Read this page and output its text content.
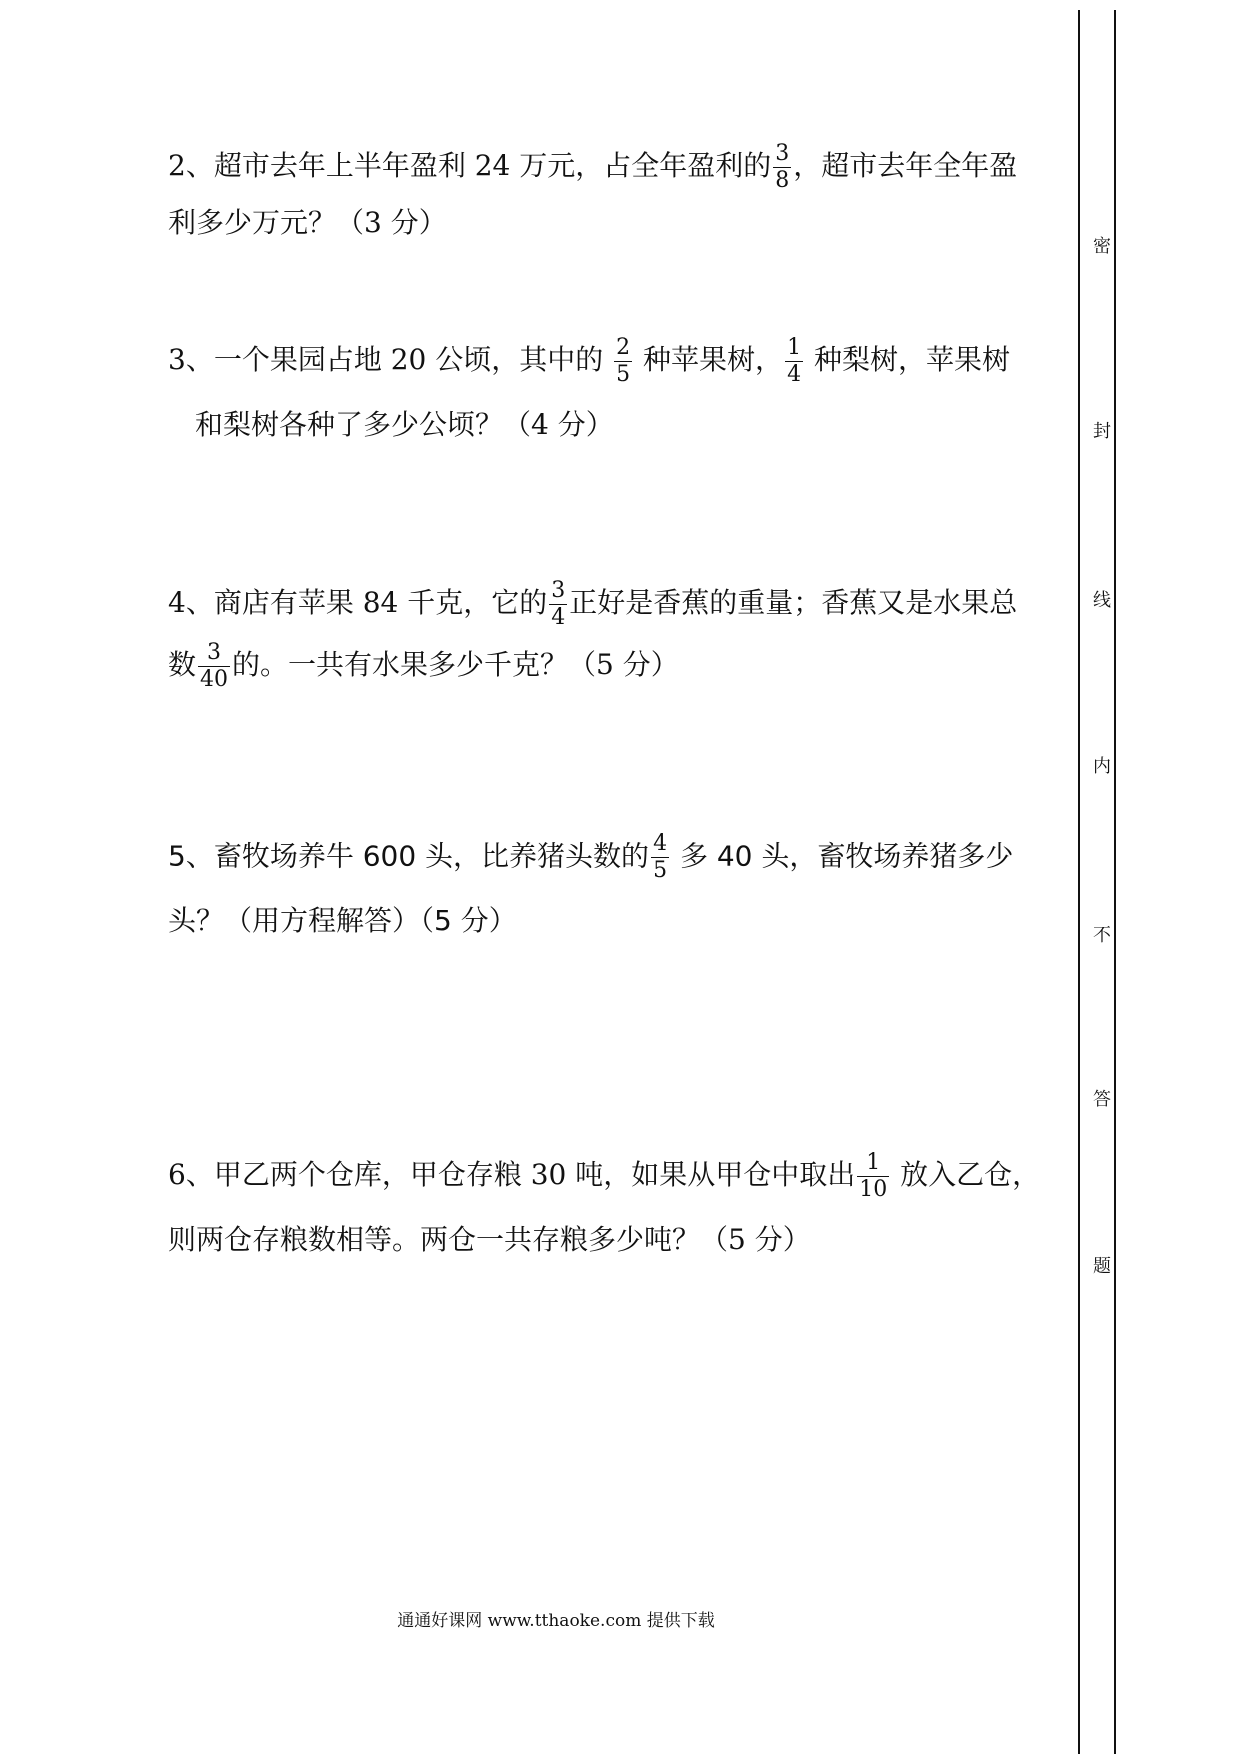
2、超市去年上半年盈利 24 万元，占全年盈利的 $\frac{3}{8}$ ，超市去年全年盈
利多少万元？（3 分）
3、一个果园占地 20 公顷，其中的 $\frac{2}{5}$ 种苹果树， $\frac{1}{4}$ 种梨树，苹果树
和梨树各种了多少公顷？（4 分）
4、商店有苹果 84 千克，它的 $\frac{3}{4}$ 正好是香蕉的重量；香蕉又是水果总
数 $\frac{3}{40}$ 的。一共有水果多少千克？（5 分）
5、畜牧场养牛 600 头，比养猪头数的 $\frac{4}{5}$ 多 40 头，畜牧场养猪多少
头？（用方程解答）（5 分）
6、甲乙两个仓库，甲仓存粮 30 吨，如果从甲仓中取出 $\frac{1}{10}$ 放入乙仓，
则两仓存粮数相等。两仓一共存粮多少吨？（5 分）
密
封
线
内
不
答
题
通通好课网 www.tthaoke.com 提供下载
